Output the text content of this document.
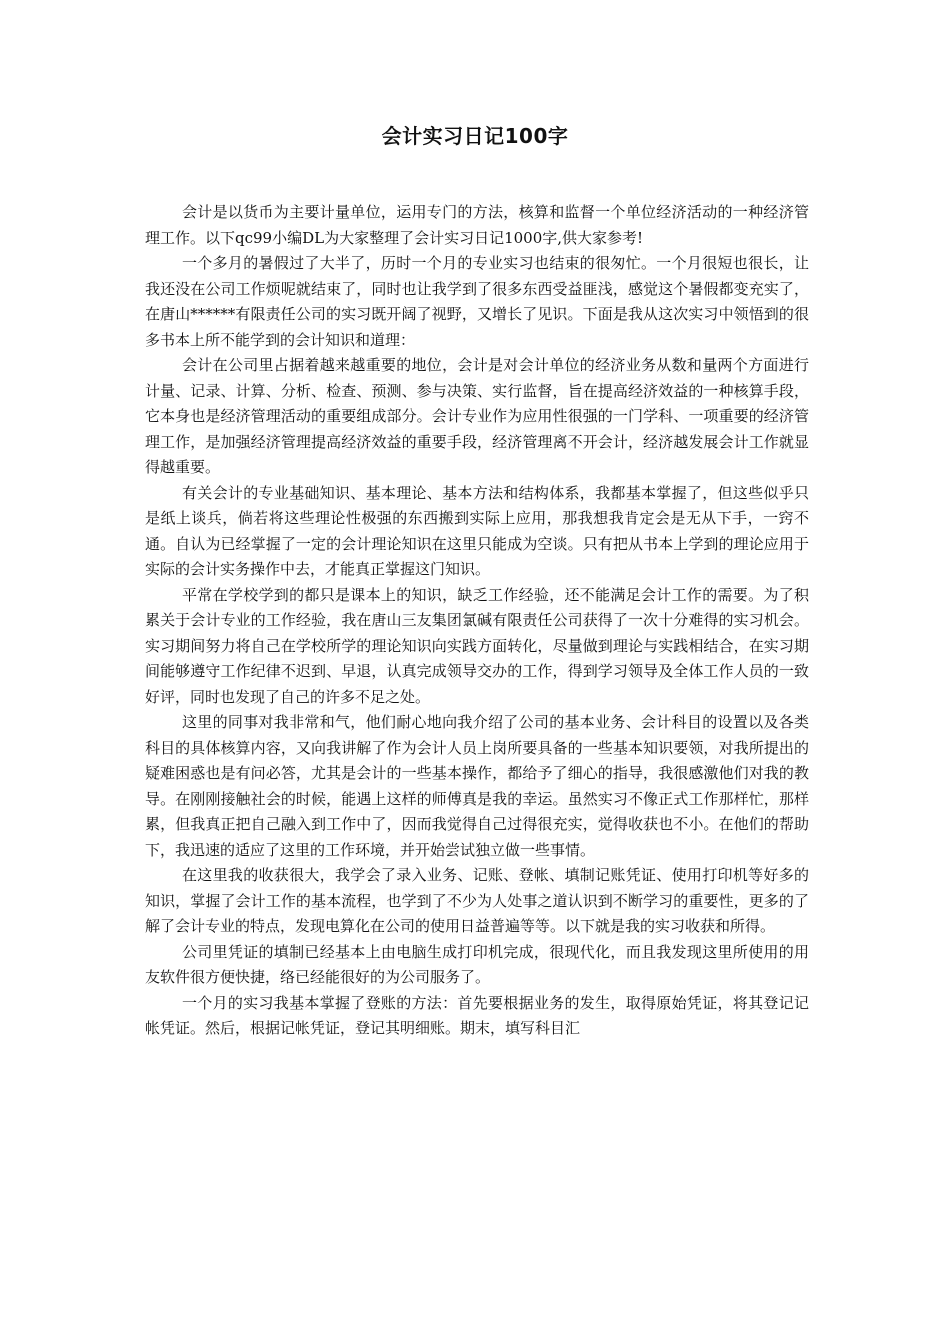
会计实习日记100字

会计是以货币为主要计量单位，运用专门的方法，核算和监督一个单位经济活动的一种经济管理工作。以下qc99小编DL为大家整理了会计实习日记1000字,供大家参考!

一个多月的暑假过了大半了，历时一个月的专业实习也结束的很匆忙。一个月很短也很长，让我还没在公司工作烦呢就结束了，同时也让我学到了很多东西受益匪浅，感觉这个暑假都变充实了，在唐山******有限责任公司的实习既开阔了视野，又增长了见识。下面是我从这次实习中领悟到的很多书本上所不能学到的会计知识和道理：

会计在公司里占据着越来越重要的地位，会计是对会计单位的经济业务从数和量两个方面进行计量、记录、计算、分析、检查、预测、参与决策、实行监督，旨在提高经济效益的一种核算手段，它本身也是经济管理活动的重要组成部分。会计专业作为应用性很强的一门学科、一项重要的经济管理工作，是加强经济管理提高经济效益的重要手段，经济管理离不开会计，经济越发展会计工作就显得越重要。

有关会计的专业基础知识、基本理论、基本方法和结构体系，我都基本掌握了，但这些似乎只是纸上谈兵，倘若将这些理论性极强的东西搬到实际上应用，那我想我肯定会是无从下手，一窍不通。自认为已经掌握了一定的会计理论知识在这里只能成为空谈。只有把从书本上学到的理论应用于实际的会计实务操作中去，才能真正掌握这门知识。

平常在学校学到的都只是课本上的知识，缺乏工作经验，还不能满足会计工作的需要。为了积累关于会计专业的工作经验，我在唐山三友集团氯碱有限责任公司获得了一次十分难得的实习机会。实习期间努力将自己在学校所学的理论知识向实践方面转化，尽量做到理论与实践相结合，在实习期间能够遵守工作纪律不迟到、早退，认真完成领导交办的工作，得到学习领导及全体工作人员的一致好评，同时也发现了自己的许多不足之处。

这里的同事对我非常和气，他们耐心地向我介绍了公司的基本业务、会计科目的设置以及各类科目的具体核算内容，又向我讲解了作为会计人员上岗所要具备的一些基本知识要领，对我所提出的疑难困惑也是有问必答，尤其是会计的一些基本操作，都给予了细心的指导，我很感激他们对我的教导。在刚刚接触社会的时候，能遇上这样的师傅真是我的幸运。虽然实习不像正式工作那样忙，那样累，但我真正把自己融入到工作中了，因而我觉得自己过得很充实，觉得收获也不小。在他们的帮助下，我迅速的适应了这里的工作环境，并开始尝试独立做一些事情。

在这里我的收获很大，我学会了录入业务、记账、登帐、填制记账凭证、使用打印机等好多的知识，掌握了会计工作的基本流程，也学到了不少为人处事之道认识到不断学习的重要性，更多的了解了会计专业的特点，发现电算化在公司的使用日益普遍等等。以下就是我的实习收获和所得。

公司里凭证的填制已经基本上由电脑生成打印机完成，很现代化，而且我发现这里所使用的用友软件很方便快捷，络已经能很好的为公司服务了。

一个月的实习我基本掌握了登账的方法：首先要根据业务的发生，取得原始凭证，将其登记记帐凭证。然后，根据记帐凭证，登记其明细账。期末，填写科目汇
